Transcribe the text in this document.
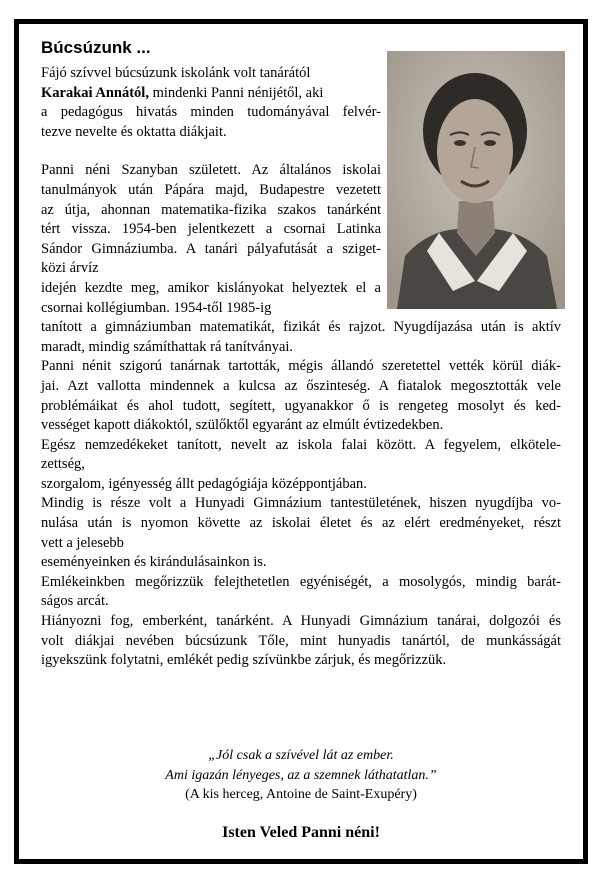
Búcsúzunk ...
Fájó szívvel búcsúzunk iskolánk volt tanárától
Karakai Annától, mindenki Panni nénijétől, aki
a pedagógus hivatás minden tudományával felvér-
tezve nevelte és oktatta diákjait.
Panni néni Szanyban született. Az általános iskolai
tanulmányok után Pápára majd, Budapestre vezetett
az útja, ahonnan matematika-fizika szakos tanárként
tért vissza. 1954-ben jelentkezett a csornai Latinka
Sándor Gimnáziumba. A tanári pályafutását a sziget-
közi árvíz
idején kezdte meg, amikor kislányokat helyeztek el a
csornai kollégiumban. 1954-től 1985-ig
tanított a gimnáziumban matematikát, fizikát és rajzot. Nyugdíjazása után is aktív
maradt, mindig számíthattak rá tanítványai.
Panni nénit szigorú tanárnak tartották, mégis állandó szeretettel vették körül diák-
jai. Azt vallotta mindennek a kulcsa az őszinteség. A fiatalok megosztották vele
problémáikat és ahol tudott, segített, ugyanakkor ő is rengeteg mosolyt és ked-
vességet kapott diákoktól, szülőktől egyaránt az elmúlt évtizedekben.
Egész nemzedékeket tanított, nevelt az iskola falai között. A fegyelem, elkötele-
zettség,
szorgalom, igényesség állt pedagógiája középpontjában.
Mindig is része volt a Hunyadi Gimnázium tantestületének, hiszen nyugdíjba vo-
nulása után is nyomon követte az iskolai életet és az elért eredményeket, részt
vett a jelesebb
eseményeinken és kirándulásainkon is.
Emlékeinkben megőrizzük felejthetetlen egyéniségét, a mosolygós, mindig barát-
ságos arcát.
Hiányozni fog, emberként, tanárként. A Hunyadi Gimnázium tanárai, dolgozói és
volt diákjai nevében búcsúzunk Tőle, mint hunyadis tanártól, de munkásságát
igyekszünk folytatni, emlékét pedig szívünkbe zárjuk, és megőrizzük.
„Jól csak a szívével lát az ember.
Ami igazán lényeges, az a szemnek láthatatlan.”
(A kis herceg, Antoine de Saint-Exupéry)
Isten Veled Panni néni!
